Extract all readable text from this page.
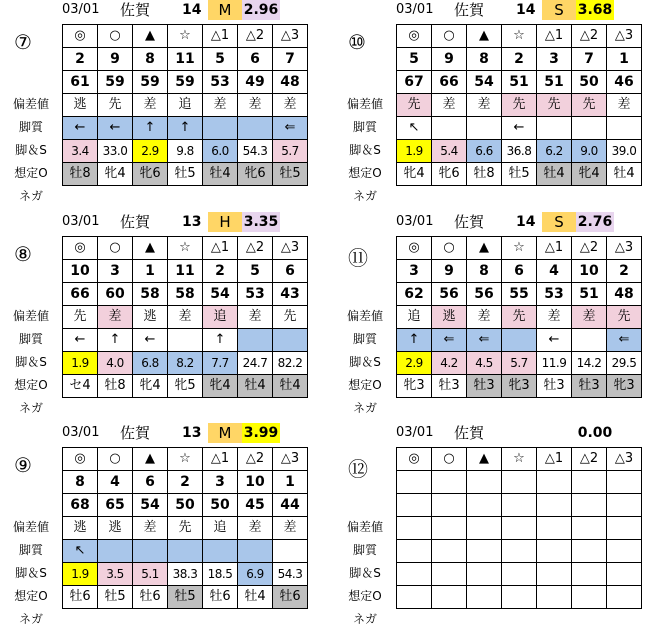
03/01 佐賀 14	M 2.96
⑦
偏差値
脚質
脚＆S
想定O
ネガ
◎	○	▲	☆	△1	△2	△3
2	9	8	11	5	6	7
61	59	59	59	53	49	48
逃	先	差	追	差	差	差
←	←	↑	↑			⇐
3.4	33.0	2.9	9.8	6.0	54.3	5.7
牡8	牝4	牝6	牡5	牡4	牝6	牡5
03/01 佐賀 14	S 3.68
⑩
偏差値
脚質
脚＆S
想定O
ネガ
◎	○	▲	☆	△1	△2	△3
5	9	8	2	3	7	1
67	66	54	51	51	50	46
先	差	差	先	先	先	差
↖			←			
1.9	5.4	6.6	36.8	6.2	9.0	39.0
牝4	牝6	牡8	牡5	牡4	牝4	牡4
03/01 佐賀 13	H 3.35
⑧
偏差値
脚質
脚＆S
想定O
ネガ
◎	○	▲	☆	△1	△2	△3
10	3	1	11	2	5	6
66	60	58	58	54	53	43
先	差	逃	差	追	差	先
←	↑	←		↑		
1.9	4.0	6.8	8.2	7.7	24.7	82.2
セ4	牡8	牝4	牝5	牝4	牡4	牡4
03/01 佐賀 14	S 2.76
⑪
偏差値
脚質
脚＆S
想定O
ネガ
◎	○	▲	☆	△1	△2	△3
3	9	8	6	4	10	2
62	56	56	55	53	51	48
追	逃	差	先	差	差	先
↑	⇐	⇐		←		⇐
2.9	4.2	4.5	5.7	11.9	14.2	29.5
牝3	牡3	牡3	牝3	牡3	牡3	牝3
03/01 佐賀 13	M 3.99
⑨
偏差値
脚質
脚＆S
想定O
ネガ
◎	○	▲	☆	△1	△2	△3
8	4	6	2	3	10	1
68	65	54	50	50	45	44
逃	逃	差	先	追	差	差
↖						
1.9	3.5	5.1	38.3	18.5	6.9	54.3
牡6	牡5	牡6	牡5	牡6	牡4	牡6
03/01 佐賀	0.00
⑫
偏差値
脚質
脚＆S
想定O
ネガ
◎	○	▲	☆	△1	△2	△3
